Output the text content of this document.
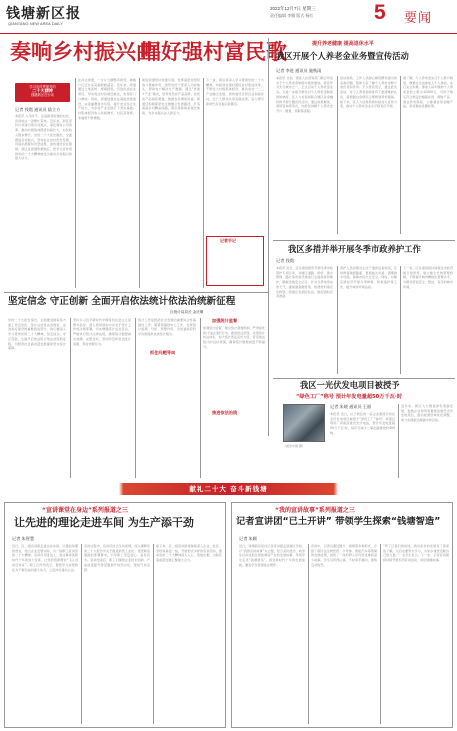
钱塘新区报
QIANTANG NEW AREA DAILY
2022年12月7日 星期三
责任编辑 李娜 版式 杨红	5 要闻
奏响乡村振兴曲
唱好强村富民歌
学习宣传贯彻党的
二十大精神
钱塘新区在行动
记者 钱霞 通讯员 陆立方
本报讯 入冬时节，走进新湾街道的村庄，田间地头一派繁忙景象。近年来，新区坚持以党建引领乡村振兴，深化强村公司改革，推动村级集体经济持续壮大，村民收入稳步增长。党的二十大报告提出，全面推进乡村振兴，坚持农业农村优先发展，巩固拓展脱贫攻坚成果，加快建设农业强国。新区各街道积极响应，把学习宣传贯彻党的二十大精神转化为推动乡村振兴的强大动力。
在河庄街道，一片片大棚整齐排列，种植户们正忙着采摘新鲜蔬菜。近年来，街道通过土地流转、规模经营，引进优质农业项目，带动周边村民就近就业，实现家门口增收。同时，街道加强农业基础设施建设，完善灌溉排水系统，提升农业综合生产能力，为乡村产业发展打下坚实基础。村集体经济收入持续增长，村民获得感、幸福感不断增强。
前进街道坚持党建引领，发挥基层党组织战斗堡垒作用，组织党员干部深入田间地头，帮助农户解决生产难题。通过“党建+产业”模式，培育特色农产品品牌，拓宽农产品销售渠道，助推农民增收致富。街道还积极探索农文旅融合发展路径，打造美丽乡村精品线路，吸引游客前来观光体验，为乡村振兴注入新活力。
下一步，新区将深入学习贯彻党的二十大精神，持续深化强村富民乡村集成改革，不断壮大村级集体经济，推动农村一二三产业融合发展，加快建设宜居宜业和美乡村，让广大群众共享发展成果，奋力谱写新时代乡村振兴新篇章。
记者手记
提升养老健康 提高退休水平
我区开展个人养老金业务暨宣传活动
记者 李进 通讯员 施秋雨
本报讯 日前，国家人社部等部门联合印发关于个人养老金制度实施的通知，我区作为先行城市之一，正式启动个人养老金业务。为进一步提升群众对个人养老金制度的知晓度，区人力社保局联合辖区各金融机构开展专题宣传活动，通过政策解读、现场咨询等形式，向居民讲解个人养老金开户、缴费、领取等流程。
活动现场，工作人员耐心解答群众提出的各类问题，帮助大家了解个人养老金账户的优势和作用。不少居民表示，通过此次活动，对个人养老金制度有了更清晰的认识，将根据自身情况合理规划养老储备。接下来，区人力社保局将持续加大宣传力度，推动个人养老金业务平稳有序开展。
据了解，个人养老金实行个人账户制度，缴费完全由参加人个人承担，实行完全积累。参加人每年缴纳个人养老金的上限为12000元，可用于购买符合规定的储蓄存款、理财产品、商业养老保险、公募基金等金融产品，享受税收优惠政策。
我区多措并举开展冬季市政养护工作
记者 钱霞
本报讯 近日，区住建局组织开展冬季市政养护专项行动，对辖区道路、桥梁、排水管网、路灯等市政设施进行全面排查和维护，确保设施安全运行。针对冬季雨雪冰冻天气，提前储备融雪剂、防滑材料等应急物资，组建应急抢险队伍，做好随时应对准备。
养护人员加强对主次干道的巡查频次，及时修复破损路面、更换缺失井盖、清理排水设施，保障市民出行安全。同时，对辖区绿化带开展冬季修剪、防寒保护等工作，提升城市环境品质。
下一步，区住建局将持续强化市政设施日常管养，建立健全长效管理机制，不断提升城市精细化管理水平，为群众营造安全、整洁、有序的城市环境。
坚定信念 守正创新 全面开启依法统计依法治统新征程
区统计局局长 金庆顺
党的二十大报告指出，全面推进国家各方面工作法治化。统计法治是法治国家、法治政府建设的重要组成部分。我们要深入学习贯彻党的二十大精神，坚定信念、守正创新，全面开启依法统计依法治统新征程，为经济社会高质量发展提供坚实统计保障。
坚持以习近平新时代中国特色社会主义思想为指导，深入贯彻落实中央关于统计工作的决策部署，切实增强统计法治意识，严格执行统计法律法规，确保统计数据真实准确、完整及时，坚决防范和惩治统计造假、弄虚作假行为。
抓住问题导向
统计工作是经济社会发展的重要综合性基础性工作。要紧紧围绕中心工作，发挥统计监测、分析、预警作用，为党委政府科学决策提供优质统计服务。
加强统计监督
加强统计监督，健全统计督察机制，严肃查处统计违法违纪行为。推进依法治统，完善统计执法体系，加大统计普法宣传力度，营造依法统计的良好氛围，确保统计数据质量不断提升。
推进依法治统
我区一光伏发电项目被授予
“绿色工厂”称号 预计年发电量超50万千瓦·时
（视觉中国 图）
记者 朱晓 通讯员 王丽
本报讯 近日，位于新区的一家企业屋顶分布式光伏发电项目被授予“绿色工厂”称号。该项目利用厂房屋顶建设光伏电站，预计年发电量超50万千瓦·时，每年可减少二氧化碳排放约400吨。
近年来，新区大力推进绿色低碳发展，鼓励企业利用闲置屋顶建设光伏发电项目，推动能源结构优化调整，助力实现碳达峰碳中和目标。
献礼二十大 奋斗新钱塘
“宣讲课堂在身边”系列报道之三
让先进的理论走进车间 为生产添干劲
记者 朱智慧
近日，区二级宣讲团走进企业车间，以通俗易懂的语言，结合企业发展实际，为一线职工宣讲党的二十大精神。宣讲员用身边人、身边事讲述新时代十年的伟大变革，让党的创新理论“飞入寻常百姓家”。职工们纷纷表示，要把学习成果转化为干事创业的强大动力，立足岗位建功立业。
宣讲过程中，宣讲员结合生动案例，深入阐释党的二十大报告中关于推进新型工业化、建设制造强国的部署要求，引导职工坚定信心、奋发有为。宣讲结束后，职工们围绕企业技术创新、产品质量提升等话题展开热烈讨论，现场气氛活跃。
接下来，区二级宣讲团将继续深入企业、社区、学校等基层一线，开展形式多样的宣讲活动，推动党的二十大精神深入人心、落地生根，为新区高质量发展汇聚强大合力。
“我的宣讲故事”系列报道之三
记者宣讲团“已土开讲” 带领学生探索“钱塘智造”
记者 朱颖
近日，钱塘新区报社记者宣讲团走进辖区学校，以“我的宣讲故事”为主题，结合采访经历，向学生们讲述新区智能制造产业的发展故事，带领学生走近“钱塘智造”，感受新时代十年的发展成就，激发学生爱国爱乡情怀。
宣讲中，记者们通过图片、视频等多种形式，介绍了新区在生物医药、半导体、智能汽车等领域的发展成果，讲述了一线科研人员攻坚克难的奋斗故事。学生们听得认真，不时举手提问，现场互动热烈。
“听了记者们的讲述，我对家乡的发展有了更深的了解，以后也要努力学习，为家乡建设贡献自己的力量。”一名学生表示。下一步，记者宣讲团将持续开展系列宣讲活动，讲好钱塘故事。
